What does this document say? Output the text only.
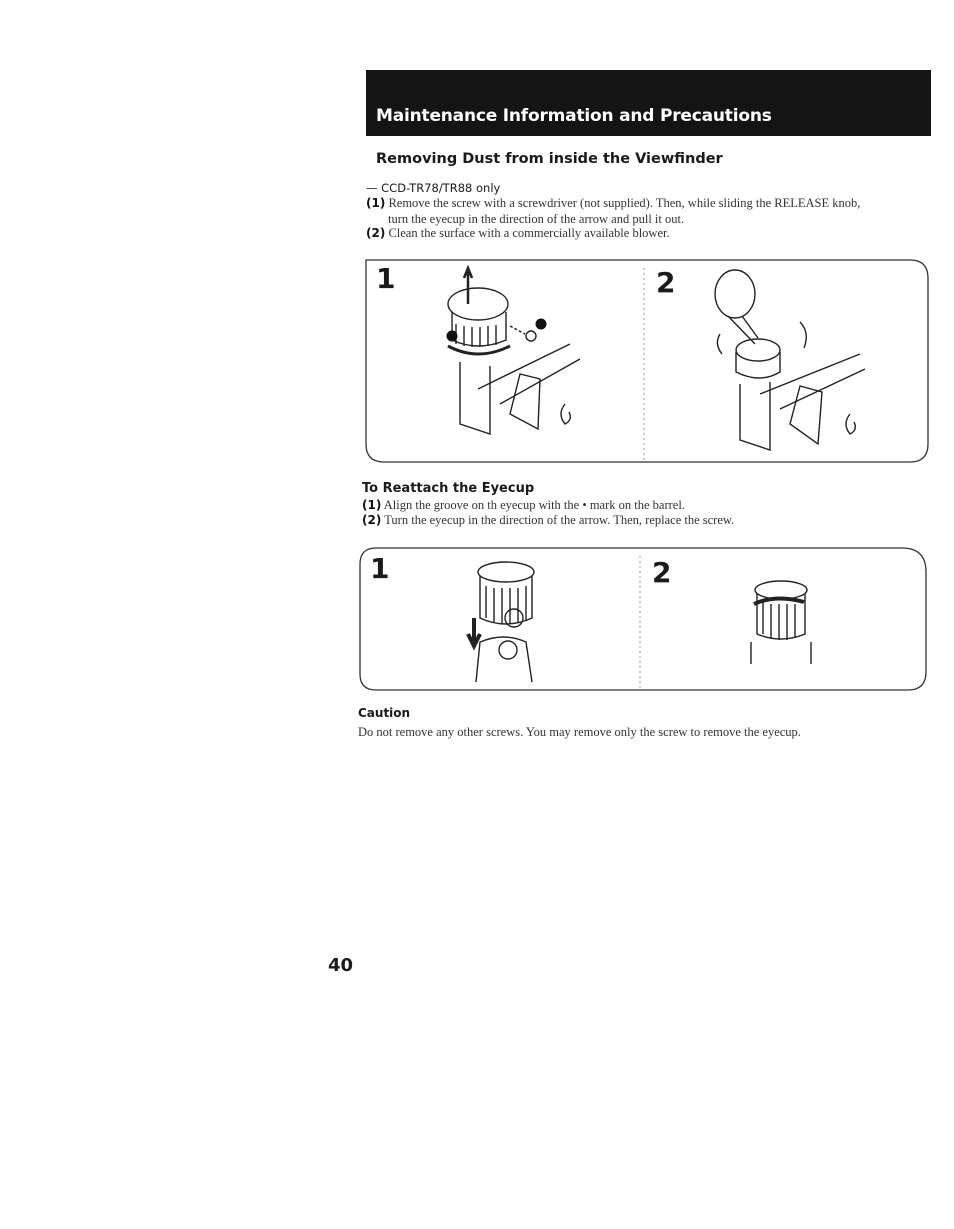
Maintenance Information and Precautions
Removing Dust from inside the Viewfinder
— CCD-TR78/TR88 only
(1) Remove the screw with a screwdriver (not supplied). Then, while sliding the RELEASE knob,
turn the eyecup in the direction of the arrow and pull it out.
(2) Clean the surface with a commercially available blower.
1	2
To Reattach the Eyecup
(1) Align the groove on th eyecup with the • mark on the barrel.
(2) Turn the eyecup in the direction of the arrow. Then, replace the screw.
1	2
Caution
Do not remove any other screws. You may remove only the screw to remove the eyecup.
40
